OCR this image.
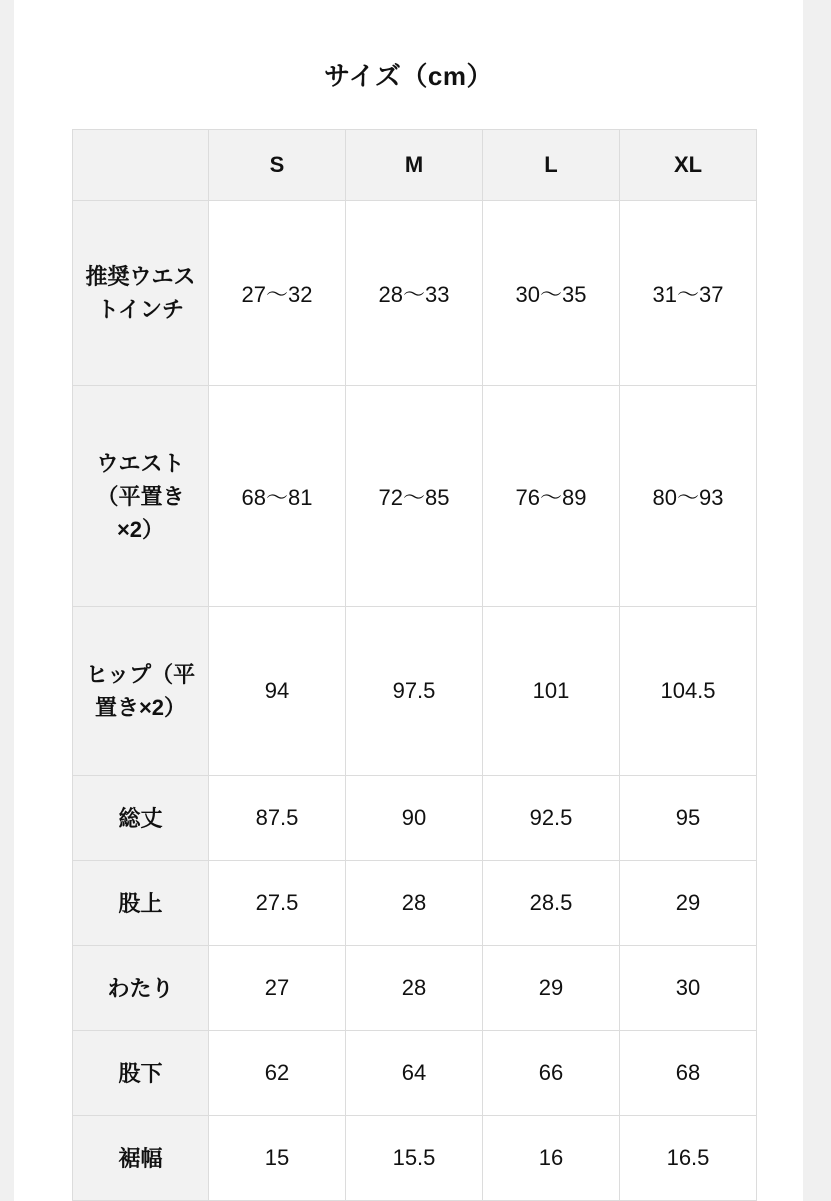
サイズ（cm）
	S	M	L	XL
推奨ウエストインチ	27〜32	28〜33	30〜35	31〜37
ウエスト（平置き×2）	68〜81	72〜85	76〜89	80〜93
ヒップ（平置き×2）	94	97.5	101	104.5
総丈	87.5	90	92.5	95
股上	27.5	28	28.5	29
わたり	27	28	29	30
股下	62	64	66	68
裾幅	15	15.5	16	16.5
